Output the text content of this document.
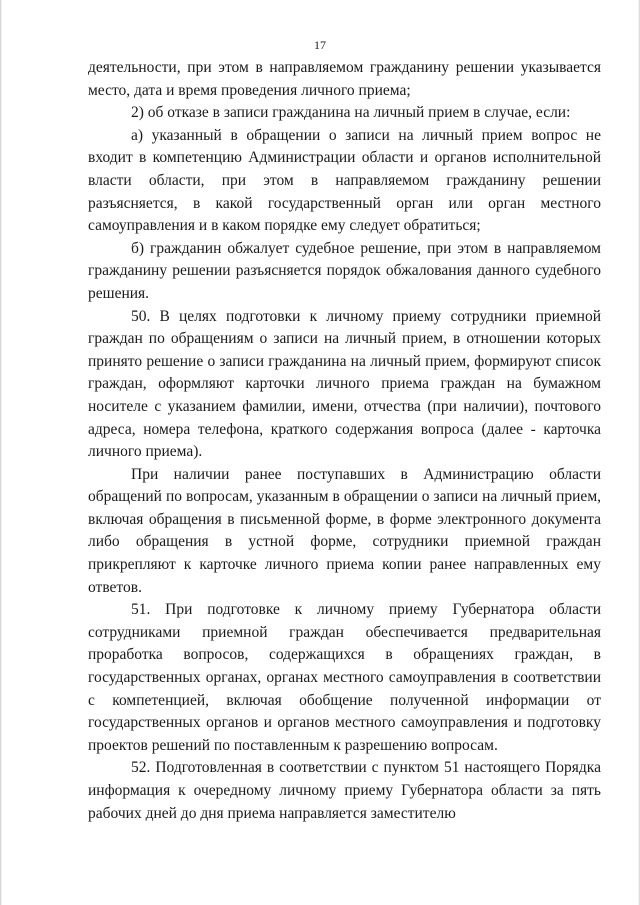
17

деятельности, при этом в направляемом гражданину решении указывается место, дата и время проведения личного приема;

2) об отказе в записи гражданина на личный прием в случае, если:

а) указанный в обращении о записи на личный прием вопрос не входит в компетенцию Администрации области и органов исполнительной власти области, при этом в направляемом гражданину решении разъясняется, в какой государственный орган или орган местного самоуправления и в каком порядке ему следует обратиться;

б) гражданин обжалует судебное решение, при этом в направляемом гражданину решении разъясняется порядок обжалования данного судебного решения.

50. В целях подготовки к личному приему сотрудники приемной граждан по обращениям о записи на личный прием, в отношении которых принято решение о записи гражданина на личный прием, формируют список граждан, оформляют карточки личного приема граждан на бумажном носителе с указанием фамилии, имени, отчества (при наличии), почтового адреса, номера телефона, краткого содержания вопроса (далее - карточка личного приема).

При наличии ранее поступавших в Администрацию области обращений по вопросам, указанным в обращении о записи на личный прием, включая обращения в письменной форме, в форме электронного документа либо обращения в устной форме, сотрудники приемной граждан прикрепляют к карточке личного приема копии ранее направленных ему ответов.

51. При подготовке к личному приему Губернатора области сотрудниками приемной граждан обеспечивается предварительная проработка вопросов, содержащихся в обращениях граждан, в государственных органах, органах местного самоуправления в соответствии с компетенцией, включая обобщение полученной информации от государственных органов и органов местного самоуправления и подготовку проектов решений по поставленным к разрешению вопросам.

52. Подготовленная в соответствии с пунктом 51 настоящего Порядка информация к очередному личному приему Губернатора области за пять рабочих дней до дня приема направляется заместителю
